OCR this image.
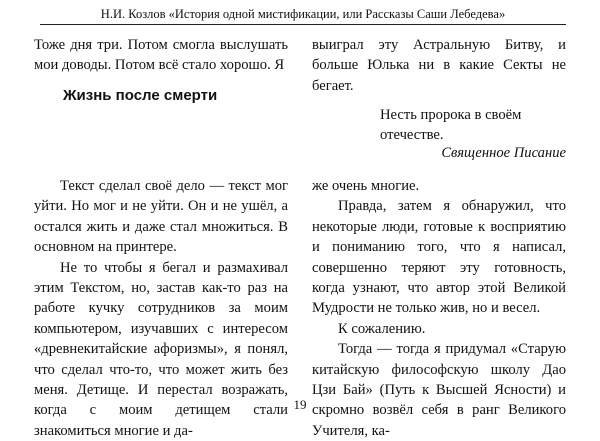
Н.И. Козлов «История одной мистификации, или Рассказы Саши Лебедева»

Тоже дня три. Потом смогла выслушать мои доводы. Потом всё стало хорошо. Я

Жизнь после смерти

Текст сделал своё дело — текст мог уйти. Но мог и не уйти. Он и не ушёл, а остался жить и даже стал множиться. В основном на принтере.

Не то чтобы я бегал и размахивал этим Текстом, но, застав как-то раз на работе кучку сотрудников за моим компьютером, изучавших с интересом «древнекитайские афоризмы», я понял, что сделал что-то, что может жить без меня. Детище. И перестал возражать, когда с моим детищем стали знакомиться многие и да-

выиграл эту Астральную Битву, и больше Юлька ни в какие Секты не бегает.

Несть пророка в своём отечестве.

Священное Писание

же очень многие.

Правда, затем я обнаружил, что некоторые люди, готовые к восприятию и пониманию того, что я написал, совершенно теряют эту готовность, когда узнают, что автор этой Великой Мудрости не только жив, но и весел.

К сожалению.

Тогда — тогда я придумал «Старую китайскую философскую школу Дао Цзи Бай» (Путь к Высшей Ясности) и скромно возвёл себя в ранг Великого Учителя, ка-

19
